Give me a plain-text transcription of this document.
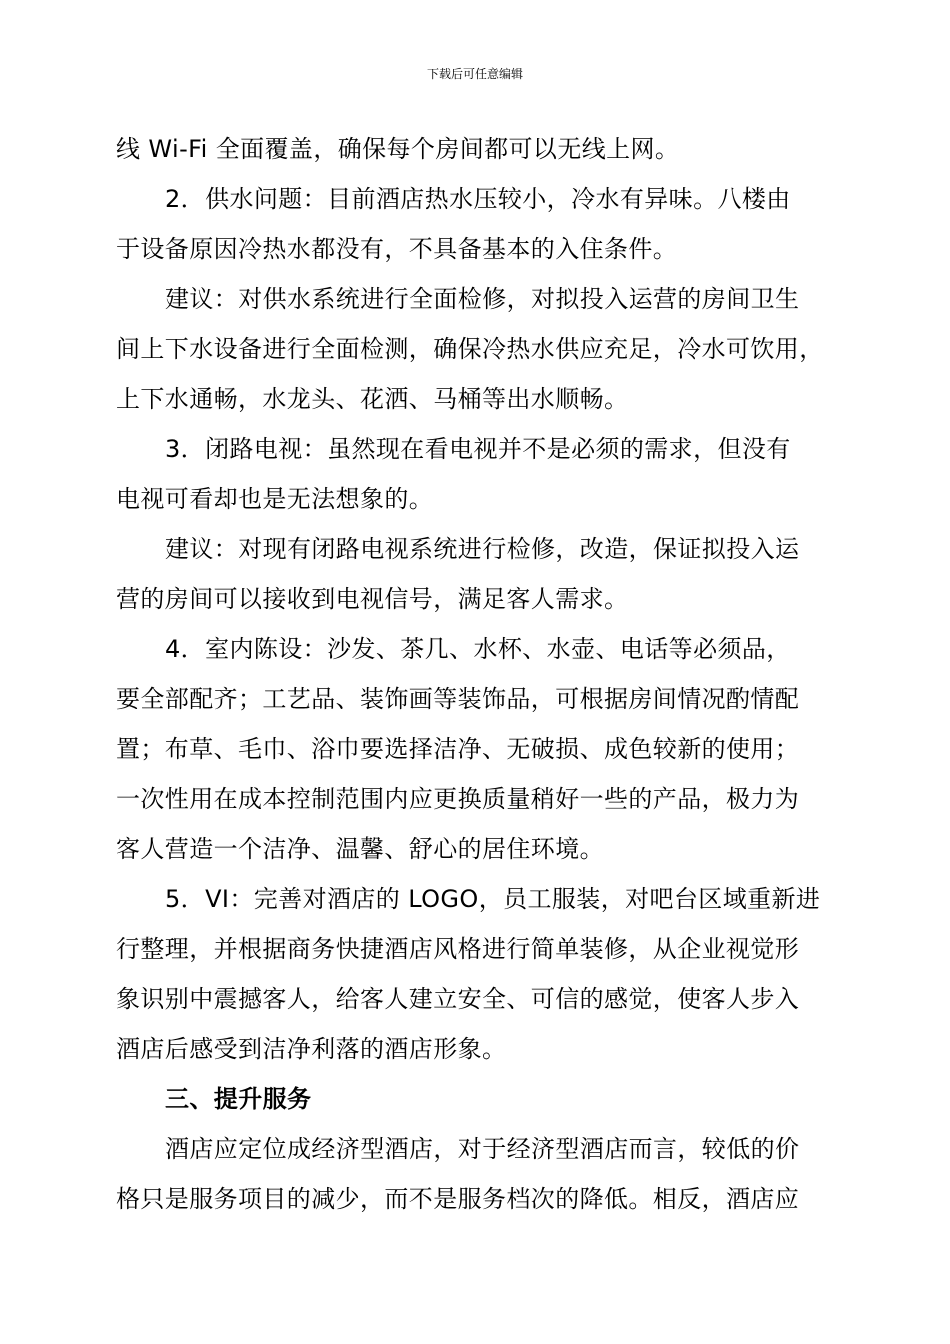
下载后可任意编辑
线 Wi-Fi 全面覆盖，确保每个房间都可以无线上网。
2．供水问题：目前酒店热水压较小，冷水有异味。八楼由
于设备原因冷热水都没有，不具备基本的入住条件。
建议：对供水系统进行全面检修，对拟投入运营的房间卫生
间上下水设备进行全面检测，确保冷热水供应充足，冷水可饮用，
上下水通畅，水龙头、花洒、马桶等出水顺畅。
3．闭路电视：虽然现在看电视并不是必须的需求，但没有
电视可看却也是无法想象的。
建议：对现有闭路电视系统进行检修，改造，保证拟投入运
营的房间可以接收到电视信号，满足客人需求。
4．室内陈设：沙发、茶几、水杯、水壶、电话等必须品，
要全部配齐；工艺品、装饰画等装饰品，可根据房间情况酌情配
置；布草、毛巾、浴巾要选择洁净、无破损、成色较新的使用；
一次性用在成本控制范围内应更换质量稍好一些的产品，极力为
客人营造一个洁净、温馨、舒心的居住环境。
5．VI：完善对酒店的 LOGO，员工服装，对吧台区域重新进
行整理，并根据商务快捷酒店风格进行简单装修，从企业视觉形
象识别中震撼客人，给客人建立安全、可信的感觉，使客人步入
酒店后感受到洁净利落的酒店形象。
三、提升服务
酒店应定位成经济型酒店，对于经济型酒店而言，较低的价
格只是服务项目的减少，而不是服务档次的降低。相反，酒店应
